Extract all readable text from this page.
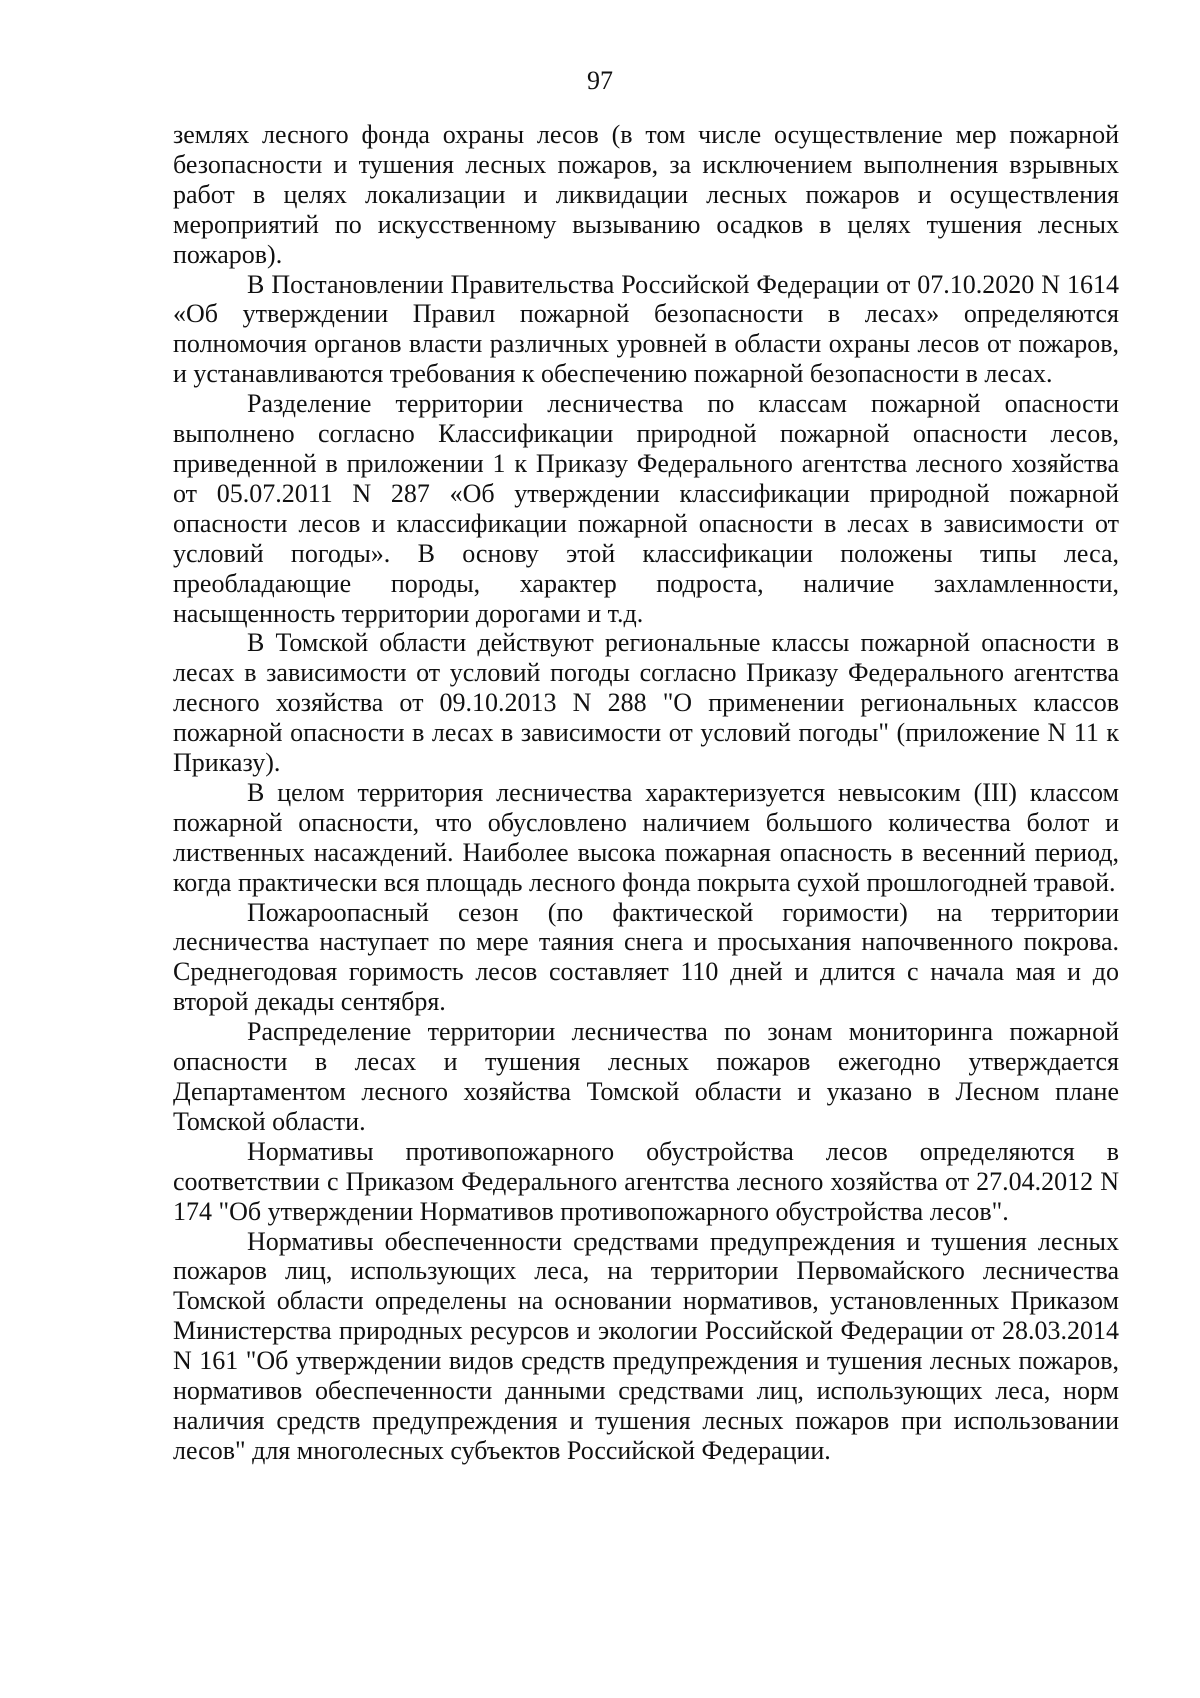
97

землях лесного фонда охраны лесов (в том числе осуществление мер пожарной безопасности и тушения лесных пожаров, за исключением выполнения взрывных работ в целях локализации и ликвидации лесных пожаров и осуществления мероприятий по искусственному вызыванию осадков в целях тушения лесных пожаров).

В Постановлении Правительства Российской Федерации от 07.10.2020 N 1614 «Об утверждении Правил пожарной безопасности в лесах» определяются полномочия органов власти различных уровней в области охраны лесов от пожаров, и устанавливаются требования к обеспечению пожарной безопасности в лесах.

Разделение территории лесничества по классам пожарной опасности выполнено согласно Классификации природной пожарной опасности лесов, приведенной в приложении 1 к Приказу Федерального агентства лесного хозяйства от 05.07.2011 N 287 «Об утверждении классификации природной пожарной опасности лесов и классификации пожарной опасности в лесах в зависимости от условий погоды». В основу этой классификации положены типы леса, преобладающие породы, характер подроста, наличие захламленности, насыщенность территории дорогами и т.д.

В Томской области действуют региональные классы пожарной опасности в лесах в зависимости от условий погоды согласно Приказу Федерального агентства лесного хозяйства от 09.10.2013 N 288 "О применении региональных классов пожарной опасности в лесах в зависимости от условий погоды" (приложение N 11 к Приказу).

В целом территория лесничества характеризуется невысоким (III) классом пожарной опасности, что обусловлено наличием большого количества болот и лиственных насаждений. Наиболее высока пожарная опасность в весенний период, когда практически вся площадь лесного фонда покрыта сухой прошлогодней травой.

Пожароопасный сезон (по фактической горимости) на территории лесничества наступает по мере таяния снега и просыхания напочвенного покрова. Среднегодовая горимость лесов составляет 110 дней и длится с начала мая и до второй декады сентября.

Распределение территории лесничества по зонам мониторинга пожарной опасности в лесах и тушения лесных пожаров ежегодно утверждается Департаментом лесного хозяйства Томской области и указано в Лесном плане Томской области.

Нормативы противопожарного обустройства лесов определяются в соответствии с Приказом Федерального агентства лесного хозяйства от 27.04.2012 N 174 "Об утверждении Нормативов противопожарного обустройства лесов".

Нормативы обеспеченности средствами предупреждения и тушения лесных пожаров лиц, использующих леса, на территории Первомайского лесничества Томской области определены на основании нормативов, установленных Приказом Министерства природных ресурсов и экологии Российской Федерации от 28.03.2014 N 161 "Об утверждении видов средств предупреждения и тушения лесных пожаров, нормативов обеспеченности данными средствами лиц, использующих леса, норм наличия средств предупреждения и тушения лесных пожаров при использовании лесов" для многолесных субъектов Российской Федерации.
